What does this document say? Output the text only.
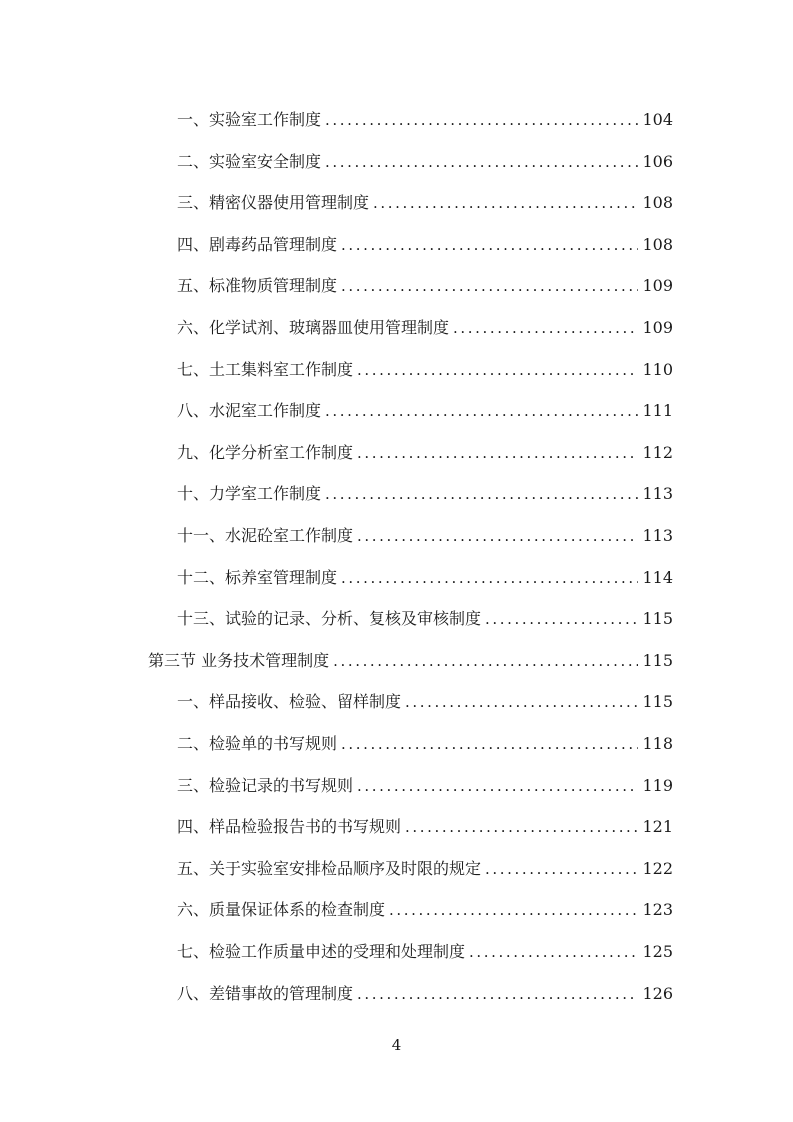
一、实验室工作制度 .....	104
二、实验室安全制度 .....	106
三、精密仪器使用管理制度 .....	108
四、剧毒药品管理制度 .....	108
五、标准物质管理制度 .....	109
六、化学试剂、玻璃器皿使用管理制度 .....	109
七、土工集料室工作制度 .....	110
八、水泥室工作制度 .....	111
九、化学分析室工作制度 .....	112
十、力学室工作制度 .....	113
十一、水泥砼室工作制度 .....	113
十二、标养室管理制度 .....	114
十三、试验的记录、分析、复核及审核制度 .....	115
第三节 业务技术管理制度 .....	115
一、样品接收、检验、留样制度 .....	115
二、检验单的书写规则 .....	118
三、检验记录的书写规则 .....	119
四、样品检验报告书的书写规则 .....	121
五、关于实验室安排检品顺序及时限的规定 .....	122
六、质量保证体系的检查制度 .....	123
七、检验工作质量申述的受理和处理制度 .....	125
八、差错事故的管理制度 .....	126
4
